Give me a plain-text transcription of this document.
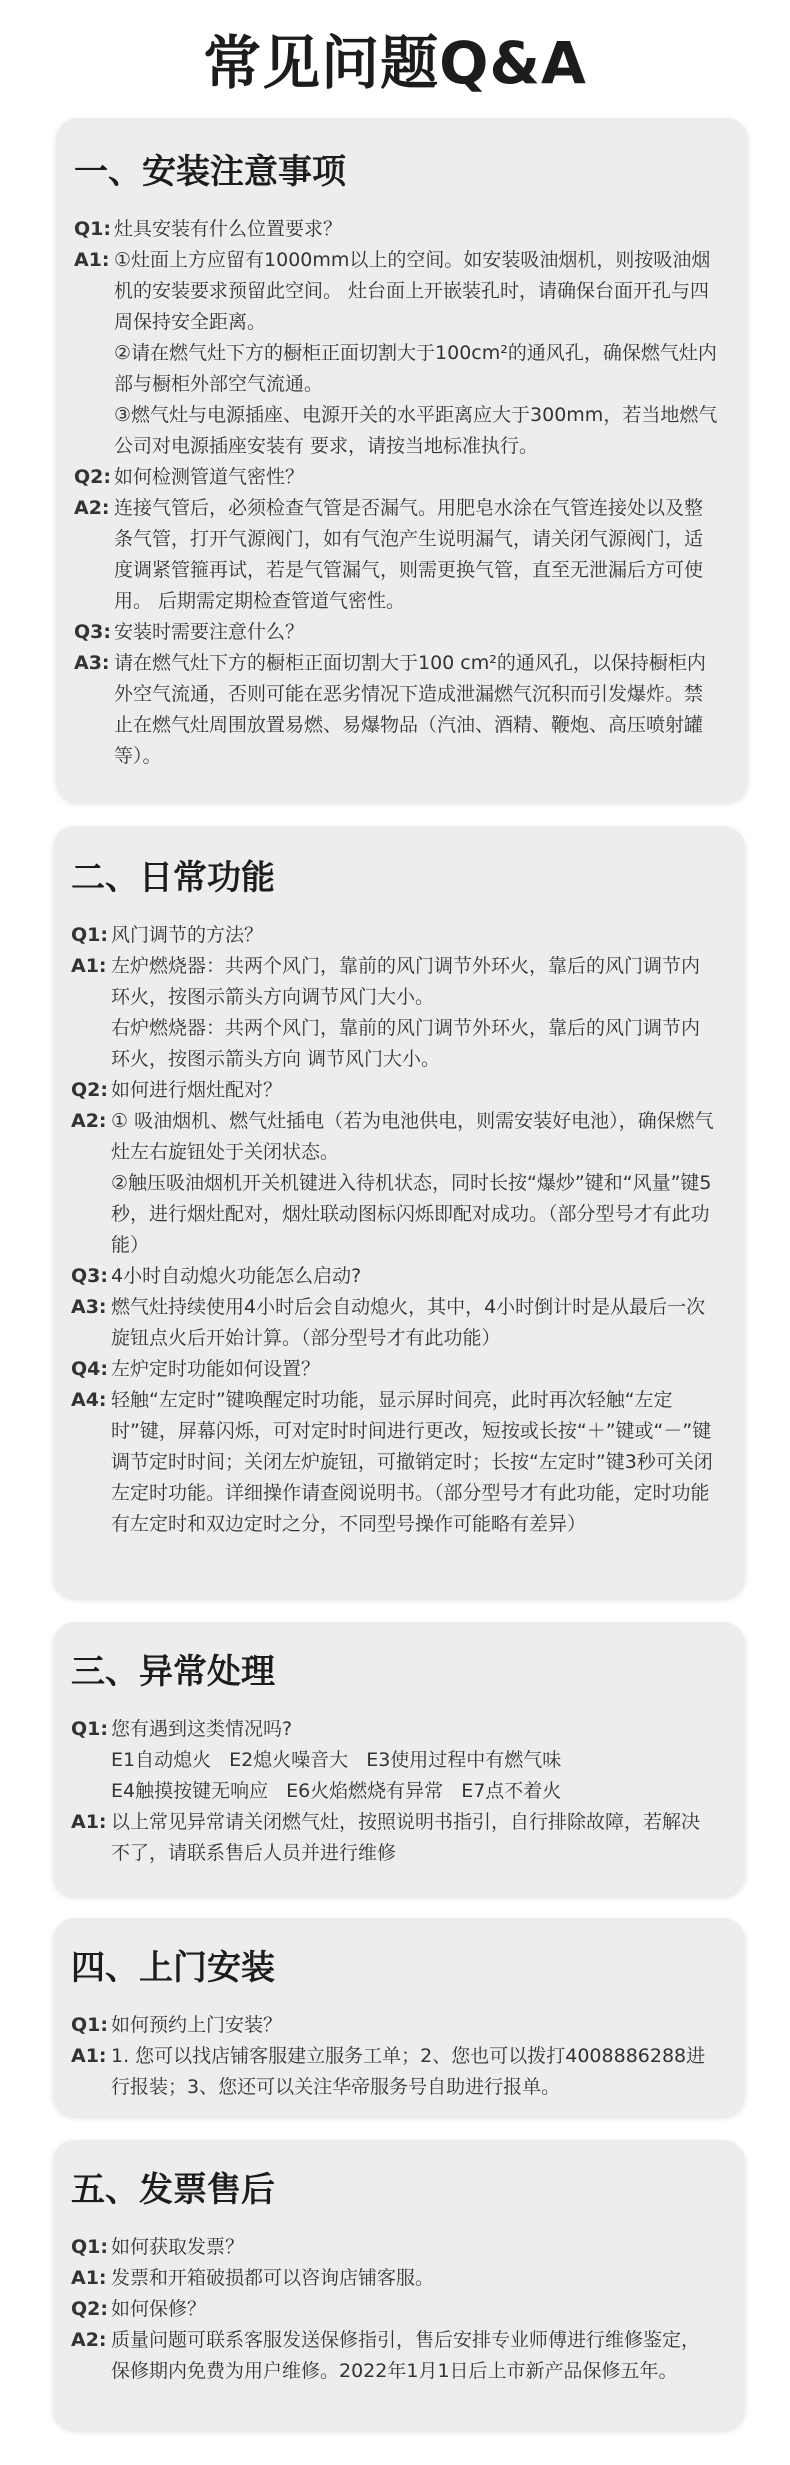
常见问题Q&A
一、安装注意事项
Q1: 灶具安装有什么位置要求？
A1: ①灶面上方应留有1000mm以上的空间。如安装吸油烟机，则按吸油烟机的安装要求预留此空间。 灶台面上开嵌装孔时，请确保台面开孔与四周保持安全距离。

②请在燃气灶下方的橱柜正面切割大于100cm²的通风孔，确保燃气灶内部与橱柜外部空气流通。

③燃气灶与电源插座、电源开关的水平距离应大于300mm，若当地燃气公司对电源插座安装有 要求，请按当地标准执行。

Q2: 如何检测管道气密性？
A2: 连接气管后，必须检查气管是否漏气。用肥皂水涂在气管连接处以及整条气管，打开气源阀门，如有气泡产生说明漏气，请关闭气源阀门，适度调紧管箍再试，若是气管漏气，则需更换气管，直至无泄漏后方可使用。 后期需定期检查管道气密性。

Q3: 安装时需要注意什么？
A3: 请在燃气灶下方的橱柜正面切割大于100 cm²的通风孔，以保持橱柜内外空气流通，否则可能在恶劣情况下造成泄漏燃气沉积而引发爆炸。禁止在燃气灶周围放置易燃、易爆物品（汽油、酒精、鞭炮、高压喷射罐等）。

二、日常功能
Q1: 风门调节的方法？
A1: 左炉燃烧器：共两个风门，靠前的风门调节外环火，靠后的风门调节内环火，按图示箭头方向调节风门大小。

右炉燃烧器：共两个风门，靠前的风门调节外环火，靠后的风门调节内环火，按图示箭头方向 调节风门大小。

Q2: 如何进行烟灶配对？
A2: ① 吸油烟机、燃气灶插电（若为电池供电，则需安装好电池），确保燃气灶左右旋钮处于关闭状态。

②触压吸油烟机开关机键进入待机状态，同时长按“爆炒”键和“风量”键5秒，进行烟灶配对，烟灶联动图标闪烁即配对成功。（部分型号才有此功能）

Q3: 4小时自动熄火功能怎么启动?
A3: 燃气灶持续使用4小时后会自动熄火，其中，4小时倒计时是从最后一次旋钮点火后开始计算。（部分型号才有此功能）

Q4: 左炉定时功能如何设置？
A4: 轻触“左定时”键唤醒定时功能，显示屏时间亮，此时再次轻触“左定时”键，屏幕闪烁，可对定时时间进行更改，短按或长按“＋”键或“－”键调节定时时间；关闭左炉旋钮，可撤销定时；长按“左定时”键3秒可关闭左定时功能。详细操作请查阅说明书。（部分型号才有此功能，定时功能有左定时和双边定时之分，不同型号操作可能略有差异）

三、异常处理
Q1: 您有遇到这类情况吗?
E1自动熄火 E2熄火噪音大 E3使用过程中有燃气味
E4触摸按键无响应 E6火焰燃烧有异常 E7点不着火
A1: 以上常见异常请关闭燃气灶，按照说明书指引，自行排除故障，若解决不了，请联系售后人员并进行维修

四、上门安装
Q1: 如何预约上门安装？
A1: 1. 您可以找店铺客服建立服务工单；2、您也可以拨打4008886288进行报装；3、您还可以关注华帝服务号自助进行报单。

五、发票售后
Q1: 如何获取发票？
A1: 发票和开箱破损都可以咨询店铺客服。

Q2: 如何保修？
A2: 质量问题可联系客服发送保修指引，售后安排专业师傅进行维修鉴定，保修期内免费为用户维修。2022年1月1日后上市新产品保修五年。
